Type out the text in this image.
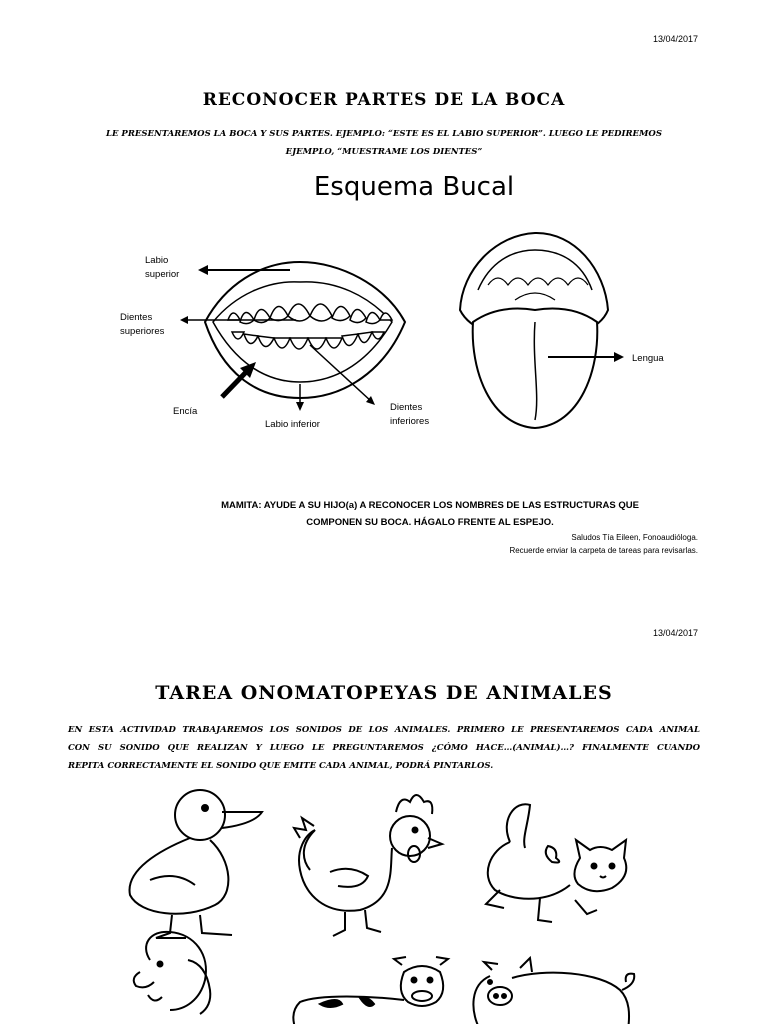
13/04/2017
RECONOCER PARTES DE LA BOCA
LE PRESENTAREMOS LA BOCA Y SUS PARTES. EJEMPLO: “ESTE ES EL LABIO SUPERIOR”. LUEGO LE PEDIREMOS
EJEMPLO, “MUESTRAME LOS DIENTES”
Esquema Bucal
Labio
superior
Dientes
superiores
Encía
Labio inferior
Dientes
inferiores
Lengua
MAMITA: AYUDE A SU HIJO(a) A RECONOCER LOS NOMBRES DE LAS ESTRUCTURAS QUE
COMPONEN SU BOCA. HÁGALO FRENTE AL ESPEJO.
Saludos Tía Eileen, Fonoaudióloga.
Recuerde enviar la carpeta de tareas para revisarlas.
13/04/2017
TAREA ONOMATOPEYAS DE ANIMALES
EN ESTA ACTIVIDAD TRABAJAREMOS LOS SONIDOS DE LOS ANIMALES. PRIMERO LE PRESENTAREMOS CADA ANIMAL
CON SU SONIDO QUE REALIZAN Y LUEGO LE PREGUNTAREMOS ¿CÓMO HACE…(ANIMAL)…? FINALMENTE CUANDO
REPITA CORRECTAMENTE EL SONIDO QUE EMITE CADA ANIMAL, PODRÁ PINTARLOS.
